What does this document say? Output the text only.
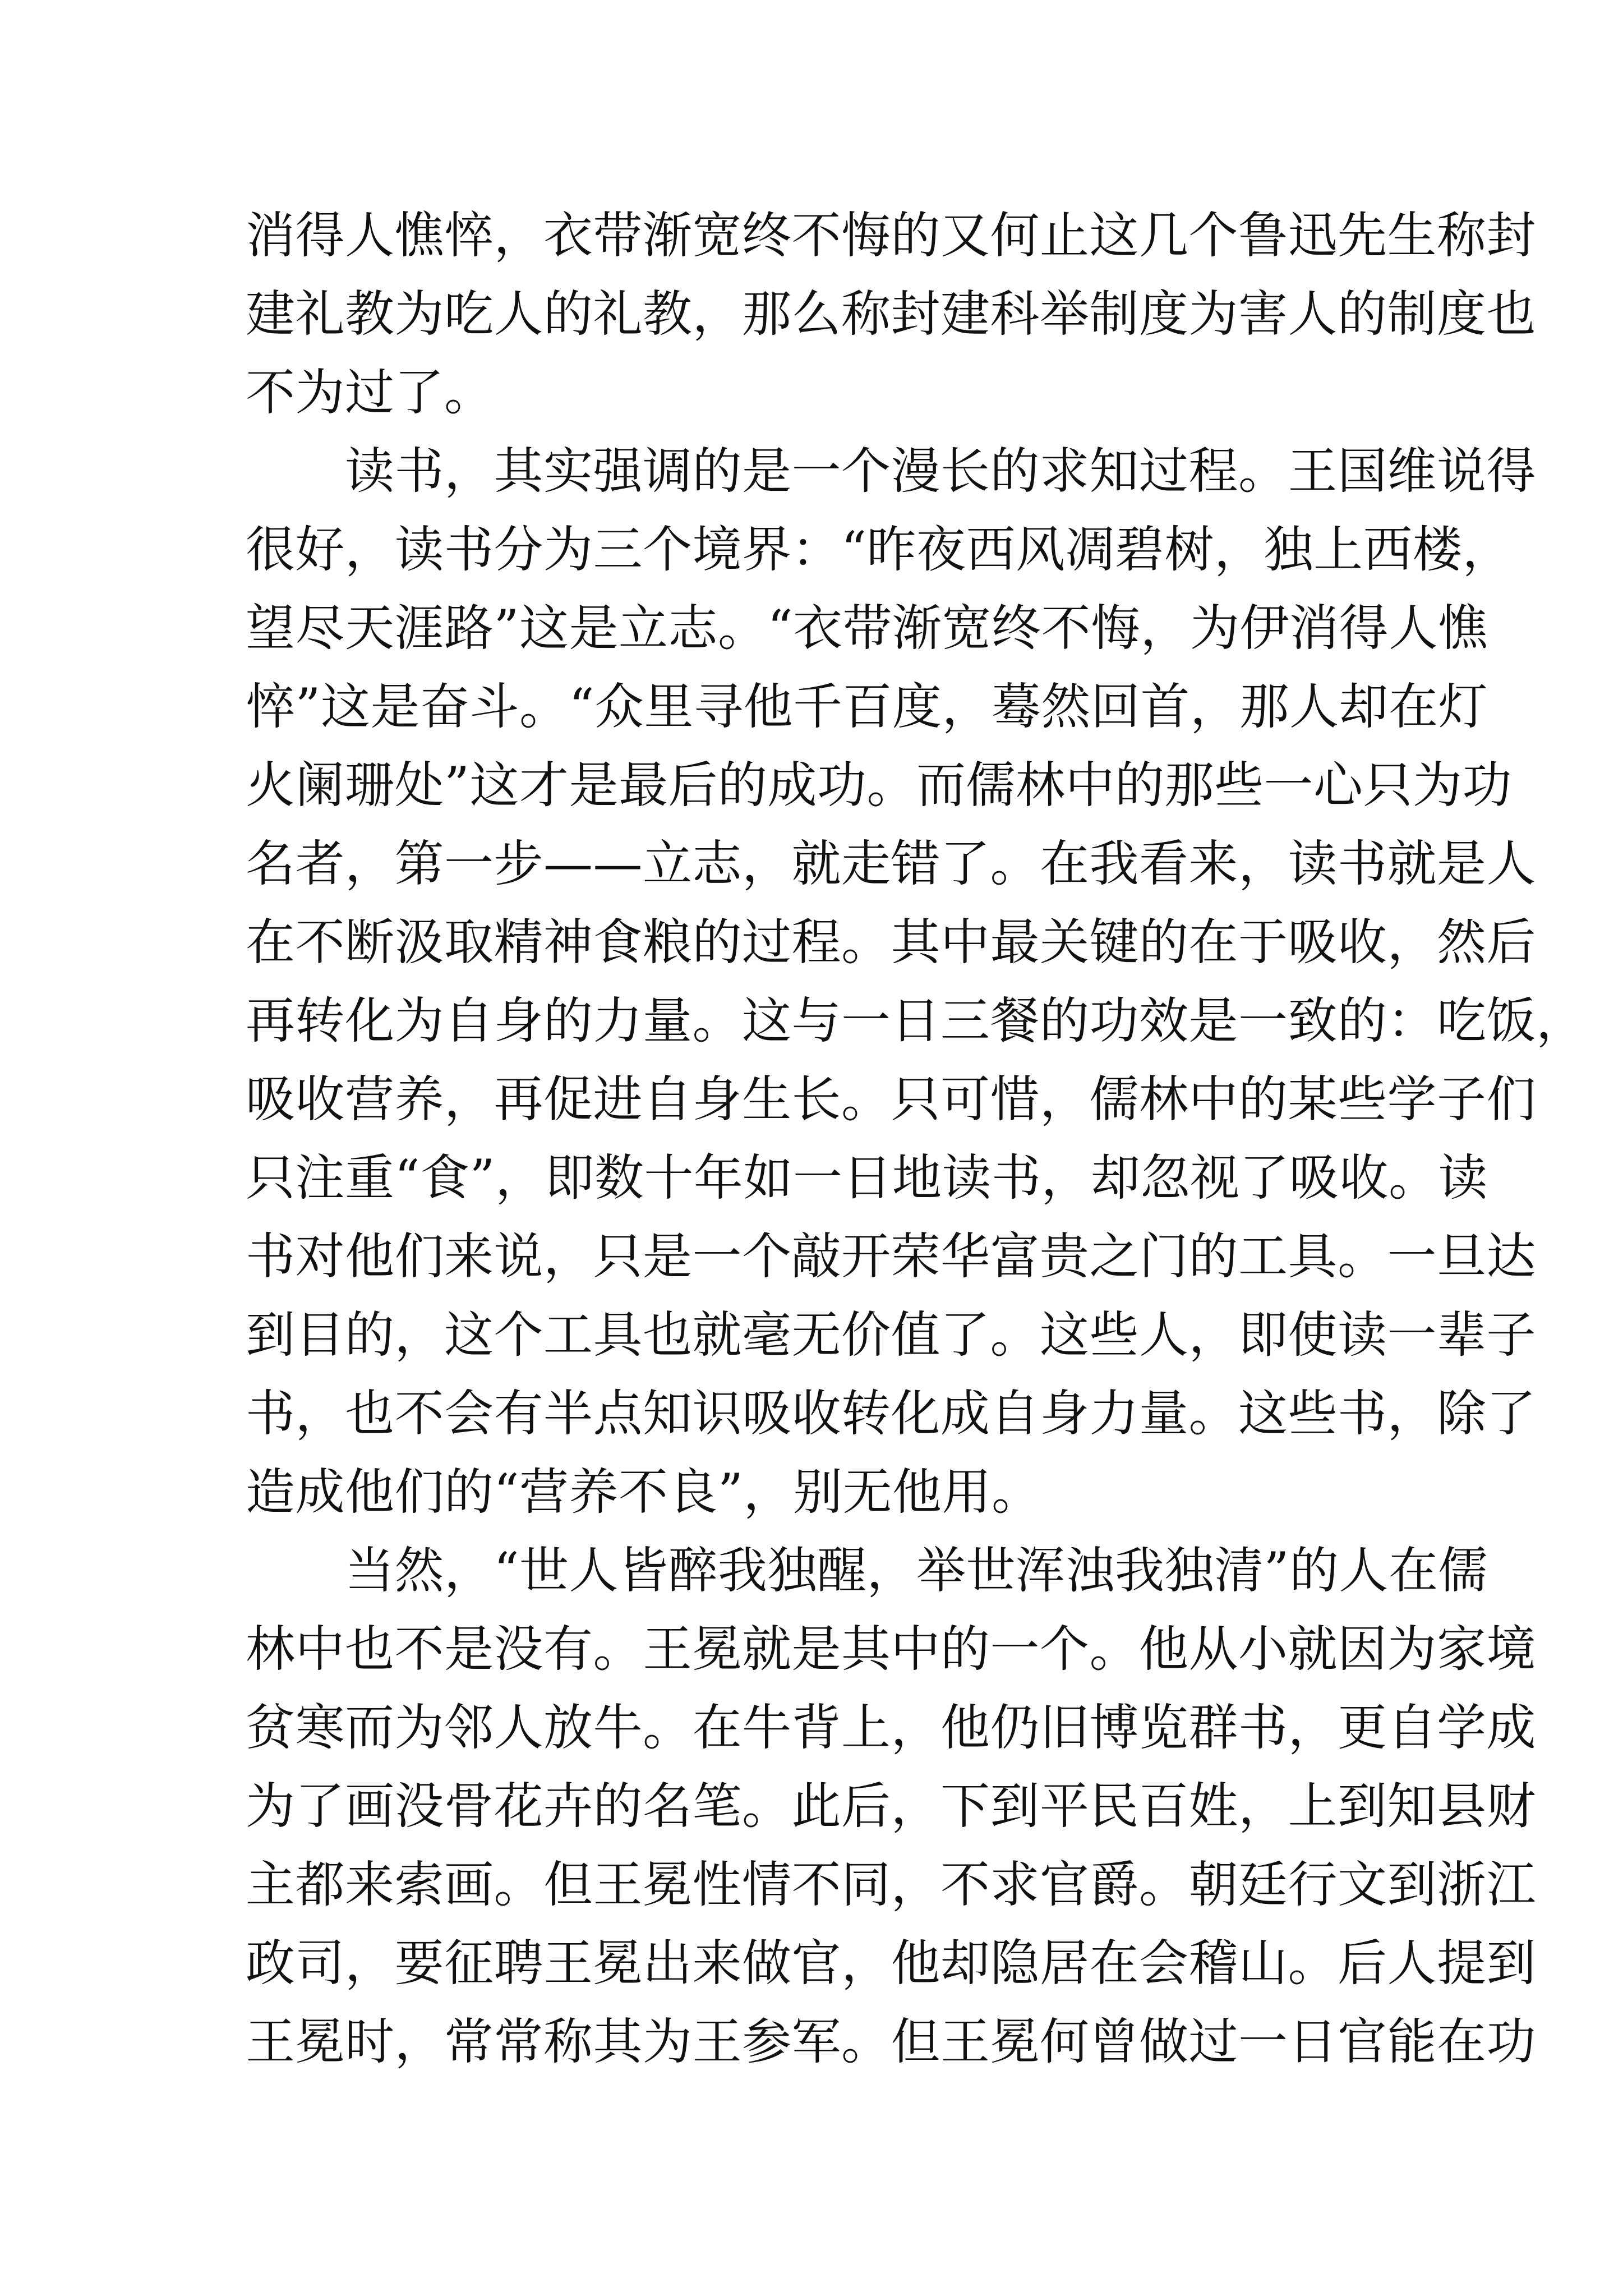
消得人憔悴，衣带渐宽终不悔的又何止这几个鲁迅先生称封
建礼教为吃人的礼教，那么称封建科举制度为害人的制度也
不为过了。
　　读书，其实强调的是一个漫长的求知过程。王国维说得
很好，读书分为三个境界：“昨夜西风凋碧树，独上西楼，
望尽天涯路”这是立志。“衣带渐宽终不悔，为伊消得人憔
悴”这是奋斗。“众里寻他千百度，蓦然回首，那人却在灯
火阑珊处”这才是最后的成功。而儒林中的那些一心只为功
名者，第一步——立志，就走错了。在我看来，读书就是人
在不断汲取精神食粮的过程。其中最关键的在于吸收，然后
再转化为自身的力量。这与一日三餐的功效是一致的：吃饭，
吸收营养，再促进自身生长。只可惜，儒林中的某些学子们
只注重“食”，即数十年如一日地读书，却忽视了吸收。读
书对他们来说，只是一个敲开荣华富贵之门的工具。一旦达
到目的，这个工具也就毫无价值了。这些人，即使读一辈子
书，也不会有半点知识吸收转化成自身力量。这些书，除了
造成他们的“营养不良”，别无他用。
　　当然，“世人皆醉我独醒，举世浑浊我独清”的人在儒
林中也不是没有。王冕就是其中的一个。他从小就因为家境
贫寒而为邻人放牛。在牛背上，他仍旧博览群书，更自学成
为了画没骨花卉的名笔。此后，下到平民百姓，上到知县财
主都来索画。但王冕性情不同，不求官爵。朝廷行文到浙江
政司，要征聘王冕出来做官，他却隐居在会稽山。后人提到
王冕时，常常称其为王参军。但王冕何曾做过一日官能在功
